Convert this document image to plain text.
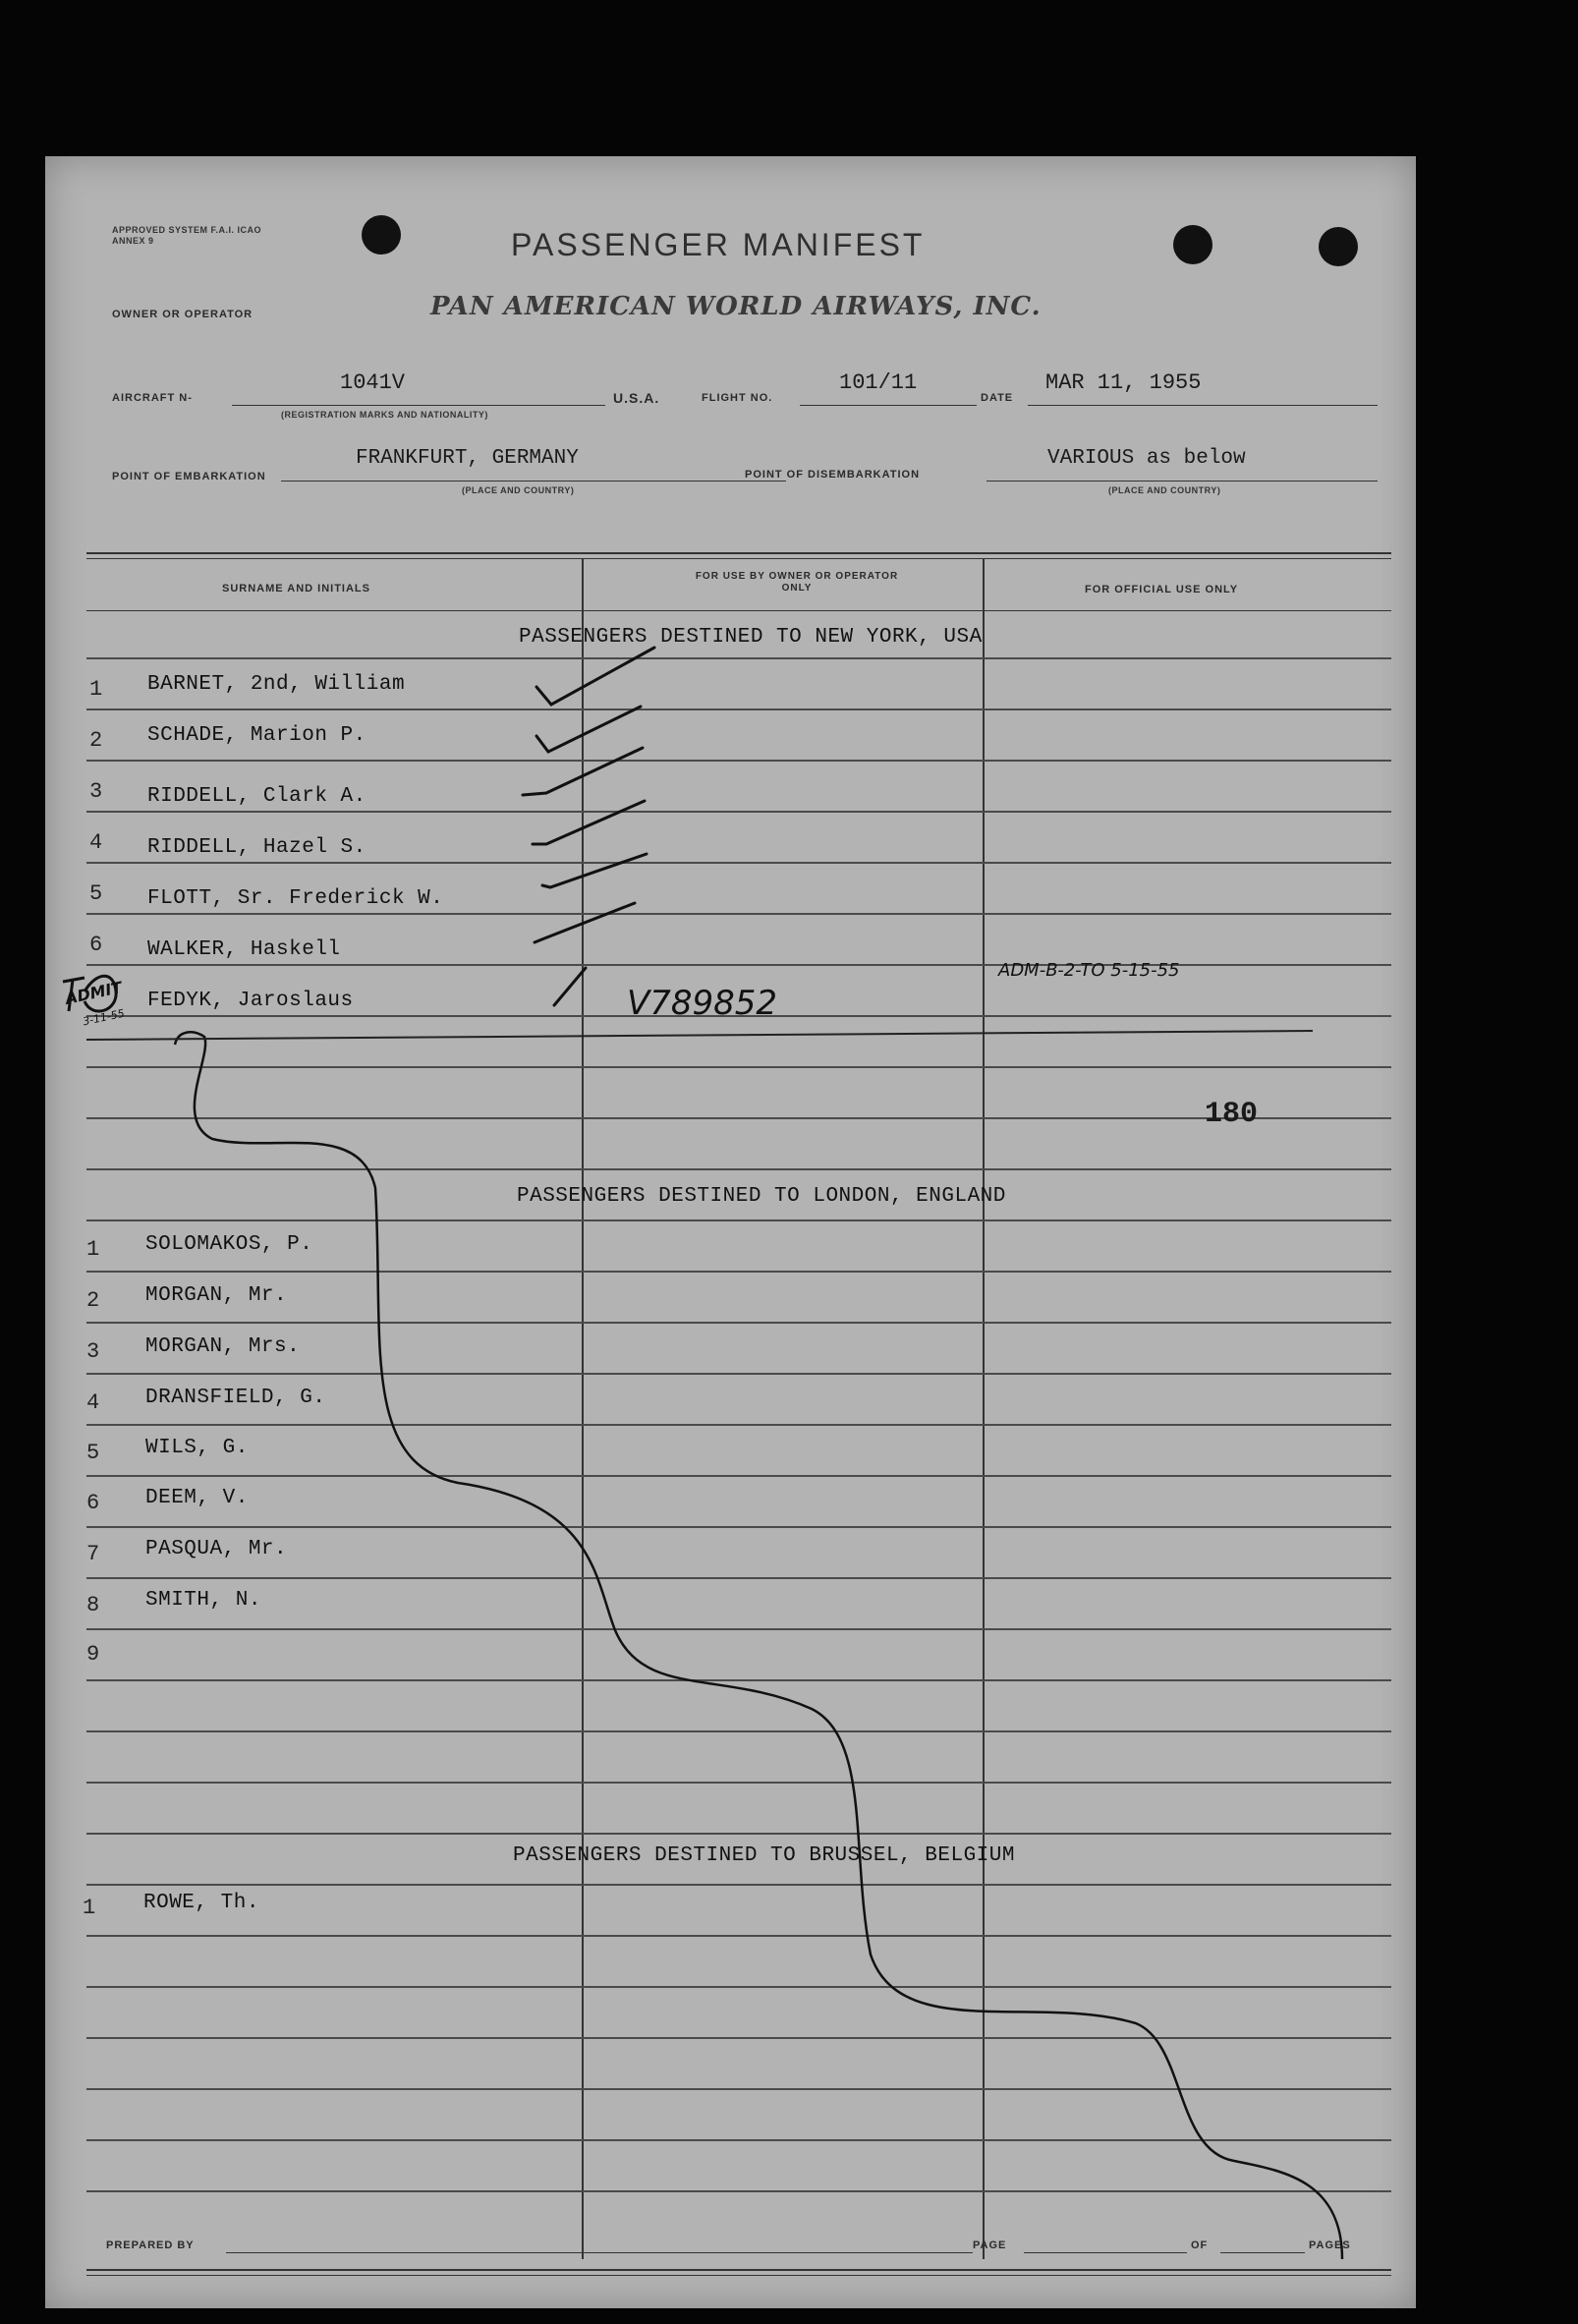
APPROVED SYSTEM F.A.I. ICAO ANNEX 9	PASSENGER MANIFEST
OWNER OR OPERATOR	PAN AMERICAN WORLD AIRWAYS, INC.
AIRCRAFT N-
1041V
(REGISTRATION MARKS AND NATIONALITY)
U.S.A.	FLIGHT NO.
101/11
DATE
MAR 11, 1955
POINT OF EMBARKATION
FRANKFURT, GERMANY
(PLACE AND COUNTRY)
POINT OF DISEMBARKATION
VARIOUS as below
(PLACE AND COUNTRY)
SURNAME AND INITIALS
FOR USE BY OWNER OR OPERATOR ONLY	FOR OFFICIAL USE ONLY
PASSENGERS DESTINED TO NEW YORK, USA
PASSENGERS DESTINED TO LONDON, ENGLAND
PASSENGERS DESTINED TO BRUSSEL, BELGIUM
1 BARNET, 2nd, William
2 SCHADE, Marion P.
3 RIDDELL, Clark A.
4 RIDDELL, Hazel S.
5 FLOTT, Sr. Frederick W.
6 WALKER, Haskell
FEDYK, Jaroslaus
1 SOLOMAKOS, P.
2 MORGAN, Mr.
3 MORGAN, Mrs.
4 DRANSFIELD, G.
5 WILS, G.
6 DEEM, V.
7 PASQUA, Mr.
8 SMITH, N.
9
1 ROWE, Th.
V789852
ADM-B-2-TO 5-15-55
ADMIT
3-11-55
180
PREPARED BY	PAGE	OF	PAGES
